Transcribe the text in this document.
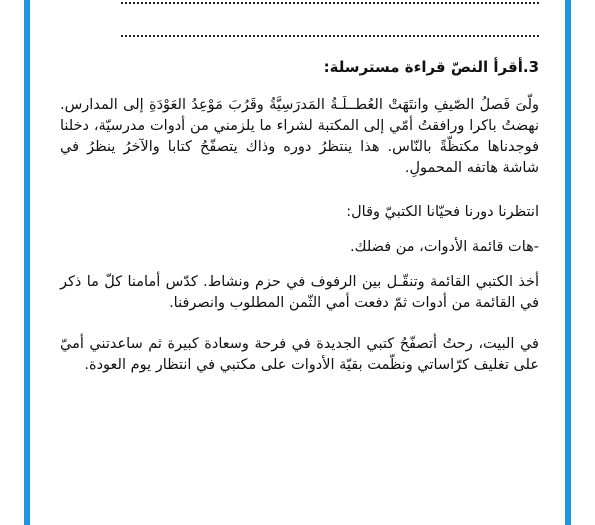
3.أقرأ النصّ قراءة مسترسلة:

ولّىَ فَصلُ الصّيفِ وانتَهَتْ العُطــلَـةُ المَدرَسِيَّةُ وقَرُبَ مَوْعِدُ العَوْدَةِ إلى المدارس. نهضتُ باكرا ورافقتُ أمّي إلى المكتبة لشراء ما يلزمني من أدوات مدرسيّة، دخلنا فوجدناها مكتظّةً بالنّاس. هذا ينتظرُ دوره وذاك يتصفّحُ كتابا والآخرُ ينظرُ في شاشة هاتفه المحمولِ.

انتظرنا دورنا فحيّانا الكتبيّ وقال:

-هات قائمة الأدوات، من فضلك.

أخذ الكتبي القائمة وتنقّـل بين الرفوف في حزم ونشاط. كدّس أمامنا كلّ ما ذكر في القائمة من أدوات ثمّ دفعت أمي الثّمن المطلوب وانصرفنا.

في البيت، رحتُ أتصفّحُ كتبي الجديدة في فرحة وسعادة كبيرة ثم ساعدتني أميّ على تغليف كرّاساتي ونظّمت بقيّة الأدوات على مكتبي في انتظار يوم العودة.
